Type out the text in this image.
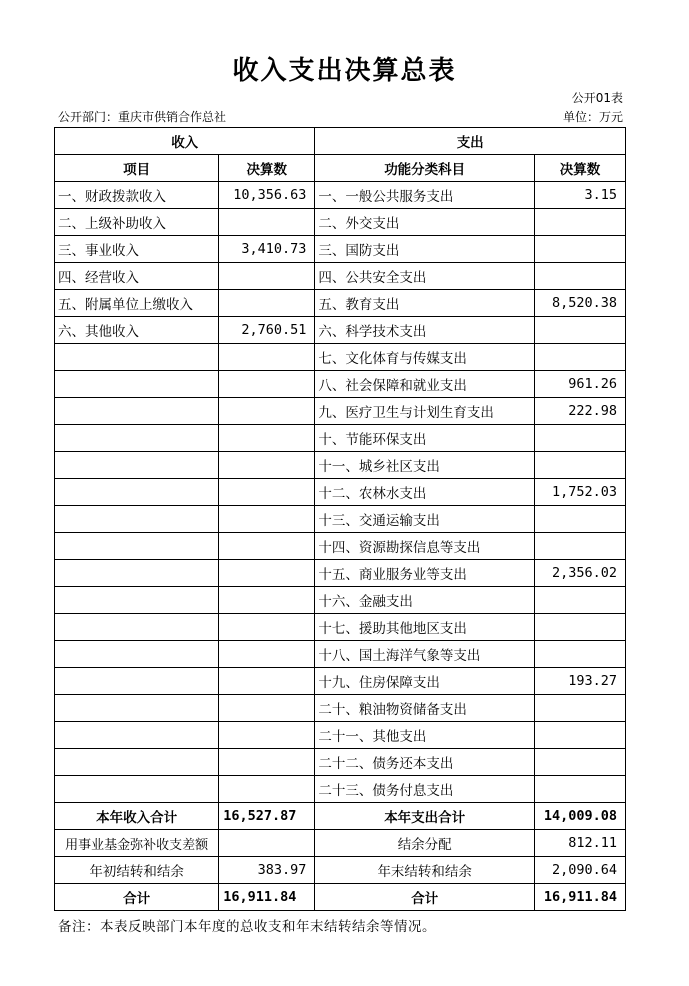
收入支出决算总表
公开01表
公开部门：重庆市供销合作总社	单位：万元
收入		支出	
项目	决算数	功能分类科目	决算数
一、财政拨款收入	10,356.63	一、一般公共服务支出	3.15
二、上级补助收入		二、外交支出	
三、事业收入	3,410.73	三、国防支出	
四、经营收入		四、公共安全支出	
五、附属单位上缴收入		五、教育支出	8,520.38
六、其他收入	2,760.51	六、科学技术支出	
		七、文化体育与传媒支出	
		八、社会保障和就业支出	961.26
		九、医疗卫生与计划生育支出	222.98
		十、节能环保支出	
		十一、城乡社区支出	
		十二、农林水支出	1,752.03
		十三、交通运输支出	
		十四、资源勘探信息等支出	
		十五、商业服务业等支出	2,356.02
		十六、金融支出	
		十七、援助其他地区支出	
		十八、国土海洋气象等支出	
		十九、住房保障支出	193.27
		二十、粮油物资储备支出	
		二十一、其他支出	
		二十二、债务还本支出	
		二十三、债务付息支出	
本年收入合计	16,527.87	本年支出合计	14,009.08
用事业基金弥补收支差额		结余分配	812.11
年初结转和结余	383.97	年末结转和结余	2,090.64
合计	16,911.84	合计	16,911.84
备注：本表反映部门本年度的总收支和年末结转结余等情况。
